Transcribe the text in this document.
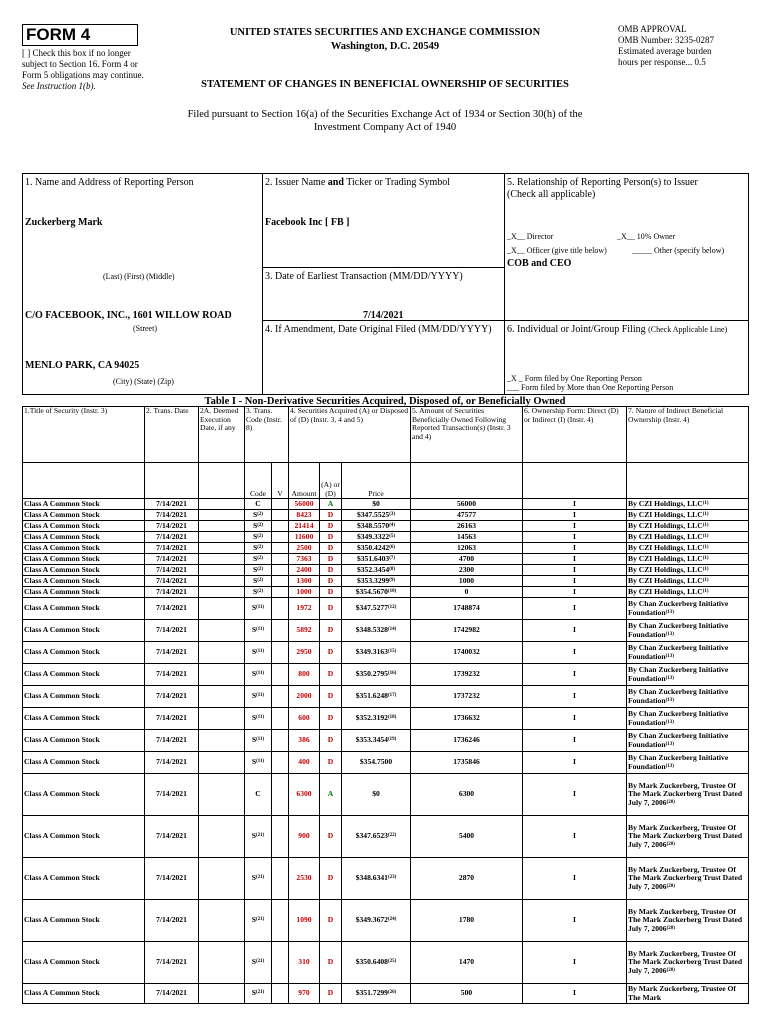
FORM 4
[ ] Check this box if no longer subject to Section 16. Form 4 or Form 5 obligations may continue. See Instruction 1(b).
UNITED STATES SECURITIES AND EXCHANGE COMMISSION
Washington, D.C. 20549
STATEMENT OF CHANGES IN BENEFICIAL OWNERSHIP OF SECURITIES
OMB APPROVAL
OMB Number: 3235-0287
Estimated average burden
hours per response... 0.5
Filed pursuant to Section 16(a) of the Securities Exchange Act of 1934 or Section 30(h) of the
Investment Company Act of 1940
1. Name and Address of Reporting Person
Zuckerberg Mark
(Last) (First) (Middle)
C/O FACEBOOK, INC., 1601 WILLOW ROAD
(Street)
MENLO PARK, CA 94025
(City) (State) (Zip)
2. Issuer Name and Ticker or Trading Symbol
Facebook Inc [ FB ]
3. Date of Earliest Transaction (MM/DD/YYYY)
7/14/2021
4. If Amendment, Date Original Filed (MM/DD/YYYY)
5. Relationship of Reporting Person(s) to Issuer
(Check all applicable)
_X__ Director	_X__ 10% Owner
_X__ Officer (give title below)	_____ Other (specify below)
COB and CEO
6. Individual or Joint/Group Filing (Check Applicable Line)
_X _ Form filed by One Reporting Person
___ Form filed by More than One Reporting Person
Table I - Non-Derivative Securities Acquired, Disposed of, or Beneficially Owned
1.Title of Security (Instr. 3)	2. Trans. Date	2A. Deemed Execution Date, if any	3. Trans. Code (Instr. 8)		4. Securities Acquired (A) or Disposed of (D) (Instr. 3, 4 and 5)			5. Amount of Securities Beneficially Owned Following Reported Transaction(s) (Instr. 3 and 4)	6. Ownership Form: Direct (D) or Indirect (I) (Instr. 4)	7. Nature of Indirect Beneficial Ownership (Instr. 4)
			Code	V	Amount	(A) or (D)	Price			
Class A Common Stock	7/14/2021		C		56000	A	$0	56000	I	By CZI Holdings, LLC$^{(1)}$
Class A Common Stock	7/14/2021		S$^{(2)}$		8423	D	$347.5525$^{(3)}$	47577	I	By CZI Holdings, LLC$^{(1)}$
Class A Common Stock	7/14/2021		S$^{(2)}$		21414	D	$348.5570$^{(4)}$	26163	I	By CZI Holdings, LLC$^{(1)}$
Class A Common Stock	7/14/2021		S$^{(2)}$		11600	D	$349.3322$^{(5)}$	14563	I	By CZI Holdings, LLC$^{(1)}$
Class A Common Stock	7/14/2021		S$^{(2)}$		2500	D	$350.4242$^{(6)}$	12063	I	By CZI Holdings, LLC$^{(1)}$
Class A Common Stock	7/14/2021		S$^{(2)}$		7363	D	$351.6403$^{(7)}$	4700	I	By CZI Holdings, LLC$^{(1)}$
Class A Common Stock	7/14/2021		S$^{(2)}$		2400	D	$352.3454$^{(8)}$	2300	I	By CZI Holdings, LLC$^{(1)}$
Class A Common Stock	7/14/2021		S$^{(2)}$		1300	D	$353.3299$^{(9)}$	1000	I	By CZI Holdings, LLC$^{(1)}$
Class A Common Stock	7/14/2021		S$^{(2)}$		1000	D	$354.5670$^{(10)}$	0	I	By CZI Holdings, LLC$^{(1)}$
Class A Common Stock	7/14/2021		S$^{(11)}$		1972	D	$347.5277$^{(12)}$	1748874	I	By Chan Zuckerberg Initiative Foundation$^{(13)}$
Class A Common Stock	7/14/2021		S$^{(11)}$		5892	D	$348.5328$^{(14)}$	1742982	I	By Chan Zuckerberg Initiative Foundation$^{(13)}$
Class A Common Stock	7/14/2021		S$^{(11)}$		2950	D	$349.3163$^{(15)}$	1740032	I	By Chan Zuckerberg Initiative Foundation$^{(13)}$
Class A Common Stock	7/14/2021		S$^{(11)}$		800	D	$350.2795$^{(16)}$	1739232	I	By Chan Zuckerberg Initiative Foundation$^{(13)}$
Class A Common Stock	7/14/2021		S$^{(11)}$		2000	D	$351.6248$^{(17)}$	1737232	I	By Chan Zuckerberg Initiative Foundation$^{(13)}$
Class A Common Stock	7/14/2021		S$^{(11)}$		600	D	$352.3192$^{(18)}$	1736632	I	By Chan Zuckerberg Initiative Foundation$^{(13)}$
Class A Common Stock	7/14/2021		S$^{(11)}$		386	D	$353.3454$^{(19)}$	1736246	I	By Chan Zuckerberg Initiative Foundation$^{(13)}$
Class A Common Stock	7/14/2021		S$^{(11)}$		400	D	$354.7500	1735846	I	By Chan Zuckerberg Initiative Foundation$^{(13)}$
Class A Common Stock	7/14/2021		C		6300	A	$0	6300	I	By Mark Zuckerberg, Trustee Of The Mark Zuckerberg Trust Dated July 7, 2006$^{(20)}$
Class A Common Stock	7/14/2021		S$^{(21)}$		900	D	$347.6523$^{(22)}$	5400	I	By Mark Zuckerberg, Trustee Of The Mark Zuckerberg Trust Dated July 7, 2006$^{(20)}$
Class A Common Stock	7/14/2021		S$^{(21)}$		2530	D	$348.6341$^{(23)}$	2870	I	By Mark Zuckerberg, Trustee Of The Mark Zuckerberg Trust Dated July 7, 2006$^{(20)}$
Class A Common Stock	7/14/2021		S$^{(21)}$		1090	D	$349.3672$^{(24)}$	1780	I	By Mark Zuckerberg, Trustee Of The Mark Zuckerberg Trust Dated July 7, 2006$^{(20)}$
Class A Common Stock	7/14/2021		S$^{(21)}$		310	D	$350.6408$^{(25)}$	1470	I	By Mark Zuckerberg, Trustee Of The Mark Zuckerberg Trust Dated July 7, 2006$^{(20)}$
Class A Common Stock	7/14/2021		S$^{(21)}$		970	D	$351.7299$^{(26)}$	500	I	By Mark Zuckerberg, Trustee Of The Mark
